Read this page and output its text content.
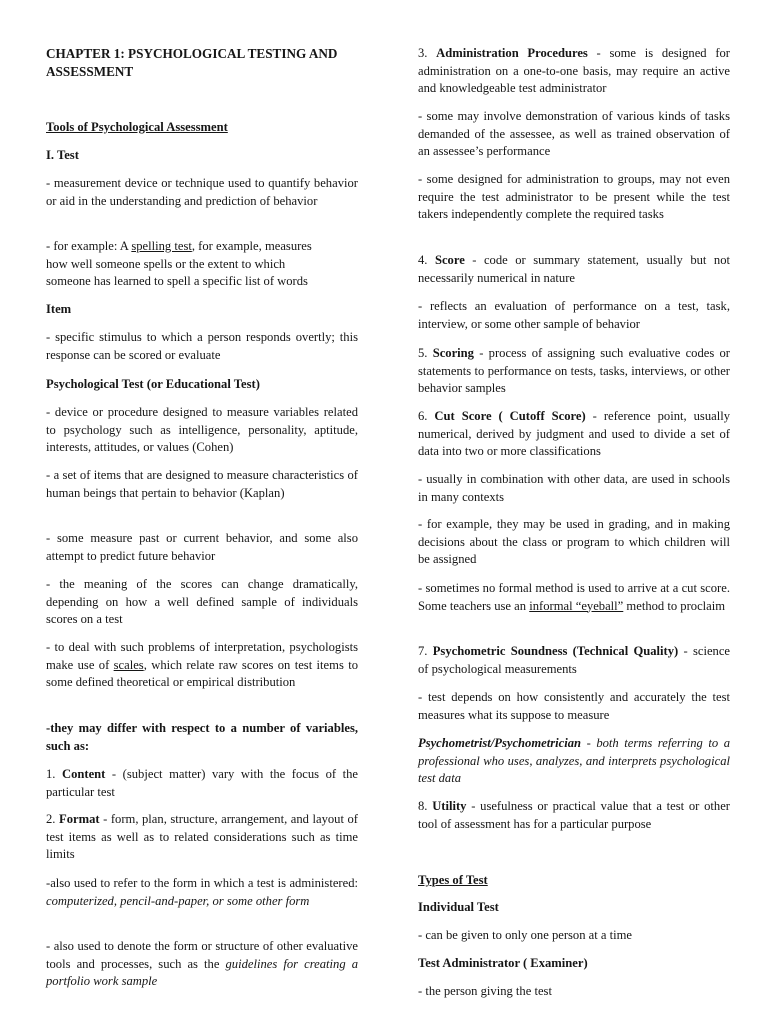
CHAPTER 1: PSYCHOLOGICAL TESTING AND ASSESSMENT

Tools of Psychological Assessment

I. Test

- measurement device or technique used to quantify behavior or aid in the understanding and prediction of behavior

- for example: A spelling test, for example, measures
how well someone spells or the extent to which
someone has learned to spell a specific list of words

Item

- specific stimulus to which a person responds overtly; this response can be scored or evaluate

Psychological Test (or Educational Test)

- device or procedure designed to measure variables related to psychology such as intelligence, personality, aptitude, interests, attitudes, or values (Cohen)

- a set of items that are designed to measure characteristics of human beings that pertain to behavior (Kaplan)

- some measure past or current behavior, and some also attempt to predict future behavior

- the meaning of the scores can change dramatically, depending on how a well defined sample of individuals scores on a test

- to deal with such problems of interpretation, psychologists make use of scales, which relate raw scores on test items to some defined theoretical or empirical distribution

-they may differ with respect to a number of variables, such as:

1. Content - (subject matter) vary with the focus of the particular test

2. Format - form, plan, structure, arrangement, and layout of test items as well as to related considerations such as time limits

-also used to refer to the form in which a test is administered: computerized, pencil-and-paper, or some other form

- also used to denote the form or structure of other evaluative tools and processes, such as the guidelines for creating a portfolio work sample

3. Administration Procedures - some is designed for administration on a one-to-one basis, may require an active and knowledgeable test administrator

- some may involve demonstration of various kinds of tasks demanded of the assessee, as well as trained observation of an assessee’s performance

- some designed for administration to groups, may not even require the test administrator to be present while the test takers independently complete the required tasks

4. Score - code or summary statement, usually but not necessarily numerical in nature

- reflects an evaluation of performance on a test, task, interview, or some other sample of behavior

5. Scoring - process of assigning such evaluative codes or statements to performance on tests, tasks, interviews, or other behavior samples

6. Cut Score ( Cutoff Score) - reference point, usually numerical, derived by judgment and used to divide a set of data into two or more classifications

- usually in combination with other data, are used in schools in many contexts

- for example, they may be used in grading, and in making decisions about the class or program to which children will be assigned

- sometimes no formal method is used to arrive at a cut score. Some teachers use an informal “eyeball” method to proclaim

7. Psychometric Soundness (Technical Quality) - science of psychological measurements

- test depends on how consistently and accurately the test measures what its suppose to measure

Psychometrist/Psychometrician - both terms referring to a professional who uses, analyzes, and interprets psychological test data

8. Utility - usefulness or practical value that a test or other tool of assessment has for a particular purpose

Types of Test

Individual Test

- can be given to only one person at a time

Test Administrator ( Examiner)

- the person giving the test
